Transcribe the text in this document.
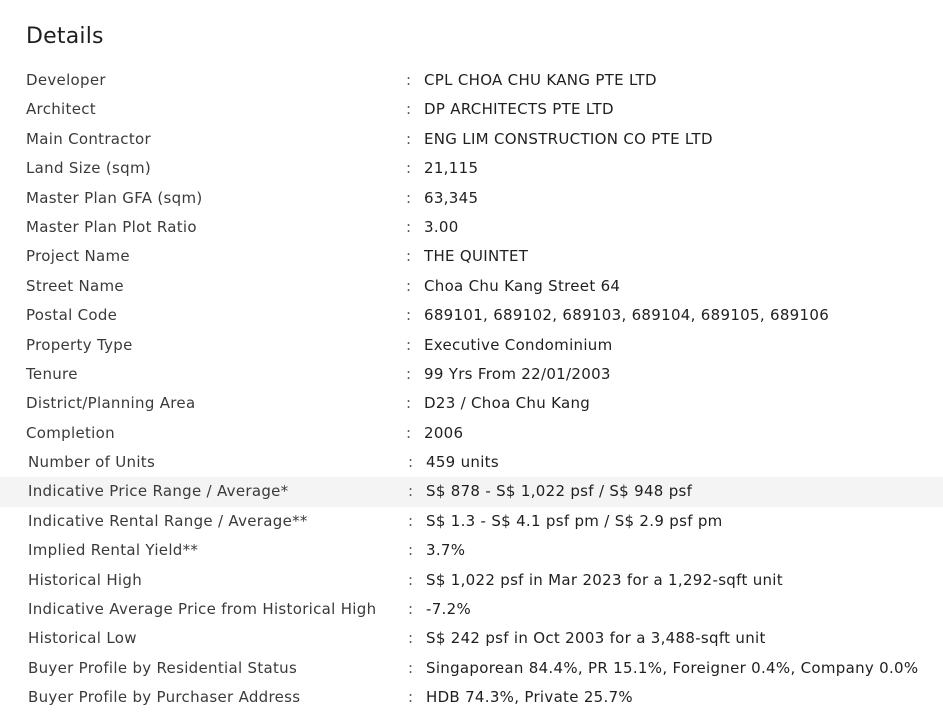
Details
Developer	: CPL CHOA CHU KANG PTE LTD
Architect	: DP ARCHITECTS PTE LTD
Main Contractor	: ENG LIM CONSTRUCTION CO PTE LTD
Land Size (sqm)	: 21,115
Master Plan GFA (sqm)	: 63,345
Master Plan Plot Ratio	: 3.00
Project Name	: THE QUINTET
Street Name	: Choa Chu Kang Street 64
Postal Code	: 689101, 689102, 689103, 689104, 689105, 689106
Property Type	: Executive Condominium
Tenure	: 99 Yrs From 22/01/2003
District/Planning Area	: D23 / Choa Chu Kang
Completion	: 2006
Number of Units	: 459 units
Indicative Price Range / Average*	: S$ 878 - S$ 1,022 psf / S$ 948 psf
Indicative Rental Range / Average**	: S$ 1.3 - S$ 4.1 psf pm / S$ 2.9 psf pm
Implied Rental Yield**	: 3.7%
Historical High	: S$ 1,022 psf in Mar 2023 for a 1,292-sqft unit
Indicative Average Price from Historical High : -7.2%
Historical Low	: S$ 242 psf in Oct 2003 for a 3,488-sqft unit
Buyer Profile by Residential Status	: Singaporean 84.4%, PR 15.1%, Foreigner 0.4%, Company 0.0%
Buyer Profile by Purchaser Address	: HDB 74.3%, Private 25.7%
